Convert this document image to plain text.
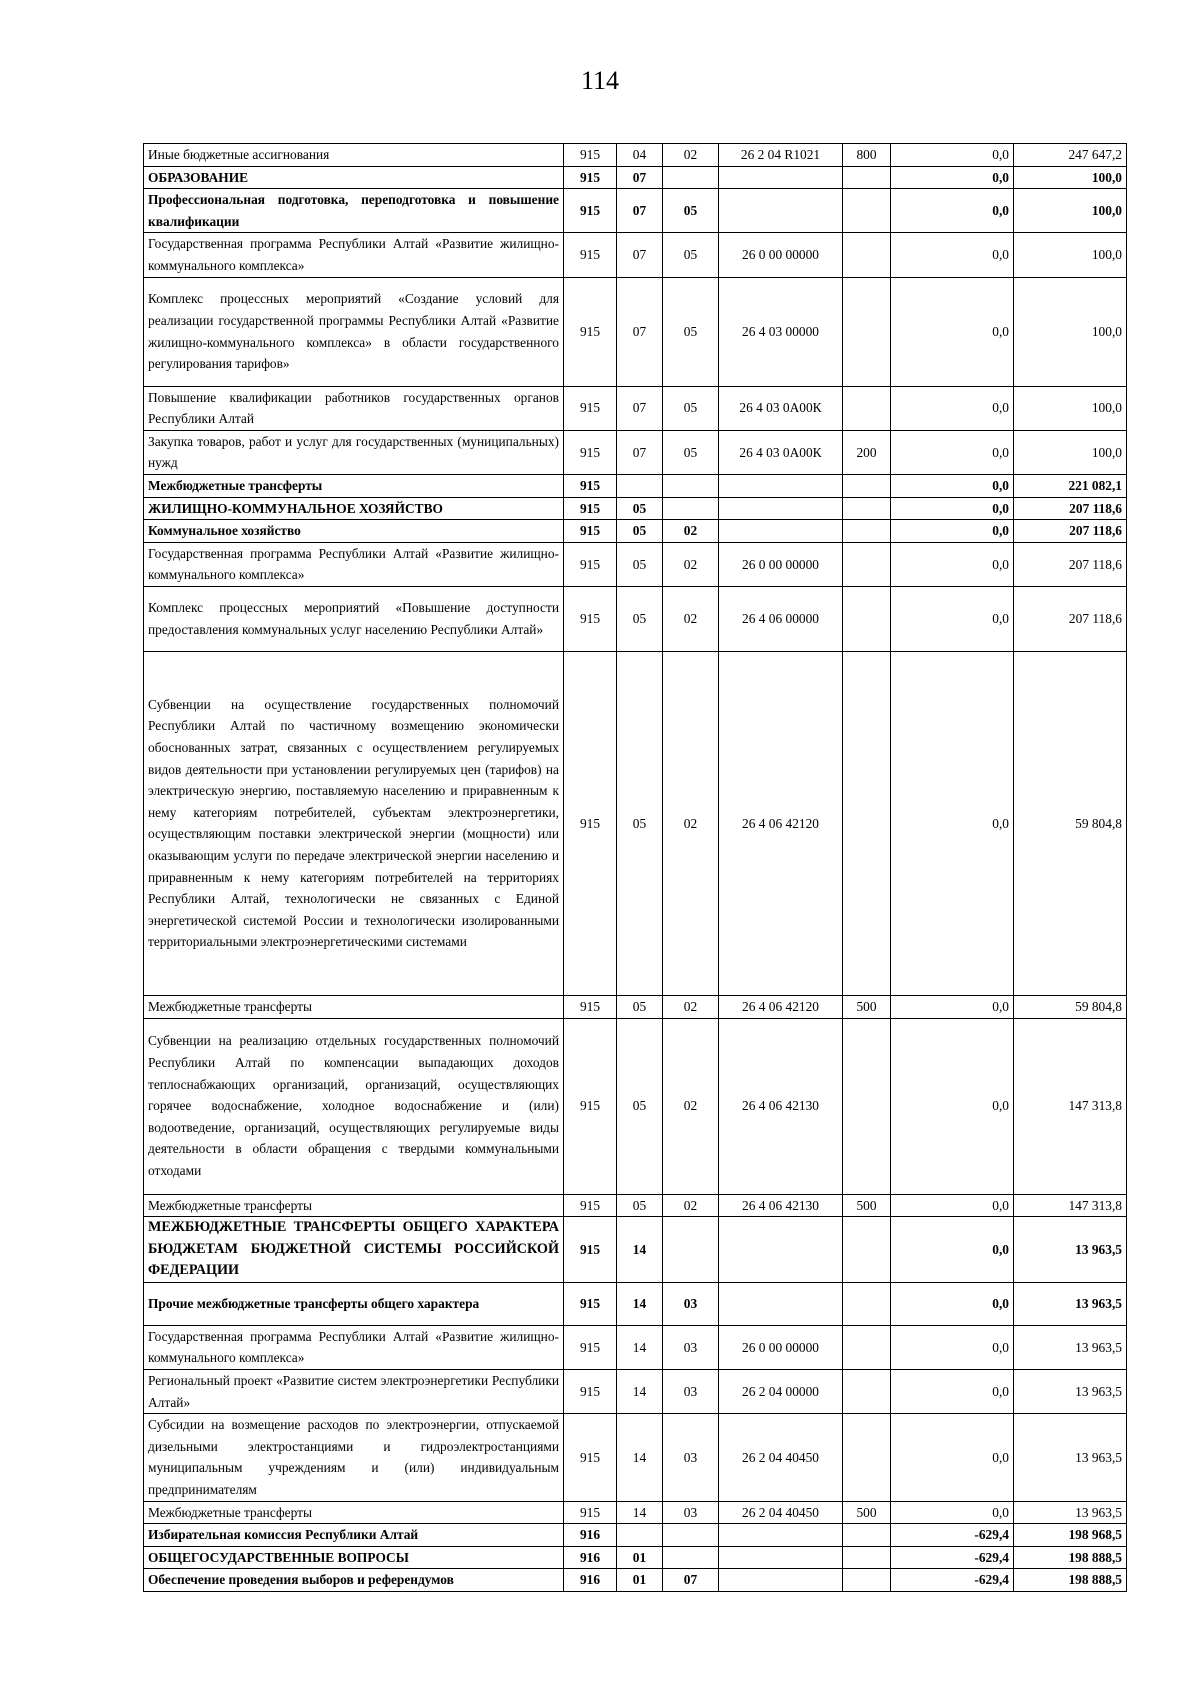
114
Иные бюджетные ассигнования	915	04	02	26 2 04 R1021	800	0,0	247 647,2
ОБРАЗОВАНИЕ	915	07				0,0	100,0
Профессиональная подготовка, переподготовка и повышение квалификации	915	07	05			0,0	100,0
Государственная программа Республики Алтай «Развитие жилищно-коммунального комплекса»	915	07	05	26 0 00 00000		0,0	100,0
Комплекс процессных мероприятий «Создание условий для реализации государственной программы Республики Алтай «Развитие жилищно-коммунального комплекса» в области государственного регулирования тарифов»	915	07	05	26 4 03 00000		0,0	100,0
Повышение квалификации работников государственных органов Республики Алтай	915	07	05	26 4 03 0А00К		0,0	100,0
Закупка товаров, работ и услуг для государственных (муниципальных) нужд	915	07	05	26 4 03 0А00К	200	0,0	100,0
Межбюджетные трансферты	915					0,0	221 082,1
ЖИЛИЩНО-КОММУНАЛЬНОЕ ХОЗЯЙСТВО	915	05				0,0	207 118,6
Коммунальное хозяйство	915	05	02			0,0	207 118,6
Государственная программа Республики Алтай «Развитие жилищно-коммунального комплекса»	915	05	02	26 0 00 00000		0,0	207 118,6
Комплекс процессных мероприятий «Повышение доступности предоставления коммунальных услуг населению Республики Алтай»	915	05	02	26 4 06 00000		0,0	207 118,6
Субвенции на осуществление государственных полномочий Республики Алтай по частичному возмещению экономически обоснованных затрат, связанных с осуществлением регулируемых видов деятельности при установлении регулируемых цен (тарифов) на электрическую энергию, поставляемую населению и приравненным к нему категориям потребителей, субъектам электроэнергетики, осуществляющим поставки электрической энергии (мощности) или оказывающим услуги по передаче электрической энергии населению и приравненным к нему категориям потребителей на территориях Республики Алтай, технологически не связанных с Единой энергетической системой России и технологически изолированными территориальными электроэнергетическими системами	915	05	02	26 4 06 42120		0,0	59 804,8
Межбюджетные трансферты	915	05	02	26 4 06 42120	500	0,0	59 804,8
Субвенции на реализацию отдельных государственных полномочий Республики Алтай по компенсации выпадающих доходов теплоснабжающих организаций, организаций, осуществляющих горячее водоснабжение, холодное водоснабжение и (или) водоотведение, организаций, осуществляющих регулируемые виды деятельности в области обращения с твердыми коммунальными отходами	915	05	02	26 4 06 42130		0,0	147 313,8
Межбюджетные трансферты	915	05	02	26 4 06 42130	500	0,0	147 313,8
МЕЖБЮДЖЕТНЫЕ ТРАНСФЕРТЫ ОБЩЕГО ХАРАКТЕРА БЮДЖЕТАМ БЮДЖЕТНОЙ СИСТЕМЫ РОССИЙСКОЙ ФЕДЕРАЦИИ	915	14				0,0	13 963,5
Прочие межбюджетные трансферты общего характера	915	14	03			0,0	13 963,5
Государственная программа Республики Алтай «Развитие жилищно-коммунального комплекса»	915	14	03	26 0 00 00000		0,0	13 963,5
Региональный проект «Развитие систем электроэнергетики Республики Алтай»	915	14	03	26 2 04 00000		0,0	13 963,5
Субсидии на возмещение расходов по электроэнергии, отпускаемой дизельными электростанциями и гидроэлектростанциями муниципальным учреждениям и (или) индивидуальным предпринимателям	915	14	03	26 2 04 40450		0,0	13 963,5
Межбюджетные трансферты	915	14	03	26 2 04 40450	500	0,0	13 963,5
Избирательная комиссия Республики Алтай	916					-629,4	198 968,5
ОБЩЕГОСУДАРСТВЕННЫЕ ВОПРОСЫ	916	01				-629,4	198 888,5
Обеспечение проведения выборов и референдумов	916	01	07			-629,4	198 888,5
